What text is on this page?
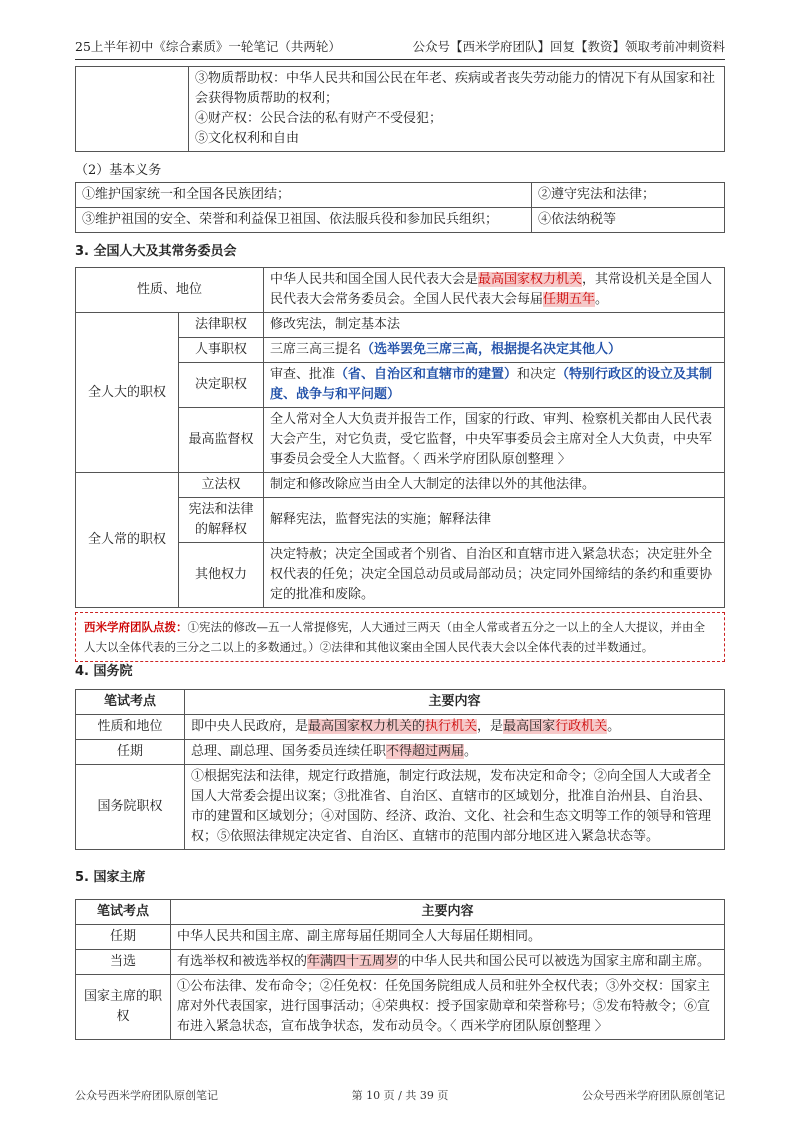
25上半年初中《综合素质》一轮笔记（共两轮）	公众号【西米学府团队】回复【教资】领取考前冲刺资料

③物质帮助权：中华人民共和国公民在年老、疾病或者丧失劳动能力的情况下有从国家和社会获得物质帮助的权利；
④财产权：公民合法的私有财产不受侵犯；
⑤文化权利和自由
（2）基本义务
①维护国家统一和全国各民族团结；	②遵守宪法和法律；
③维护祖国的安全、荣誉和利益保卫祖国、依法服兵役和参加民兵组织；	④依法纳税等

3. 全国人大及其常务委员会

性质、地位		中华人民共和国全国人民代表大会是最高国家权力机关，其常设机关是全国人民代表大会常务委员会。全国人民代表大会每届任期五年。
全人大的职权	法律职权	修改宪法，制定基本法
	人事职权	三席三高三提名（选举罢免三席三高，根据提名决定其他人）
	决定职权	审查、批准（省、自治区和直辖市的建置）和决定（特别行政区的设立及其制度、战争与和平问题）
	最高监督权	全人常对全人大负责并报告工作，国家的行政、审判、检察机关都由人民代表大会产生，对它负责，受它监督，中央军事委员会主席对全人大负责，中央军事委员会受全人大监督。〈 西米学府团队原创整理 〉
全人常的职权	立法权	制定和修改除应当由全人大制定的法律以外的其他法律。
	宪法和法律的解释权	解释宪法，监督宪法的实施；解释法律
	其他权力	决定特赦；决定全国或者个别省、自治区和直辖市进入紧急状态；决定驻外全权代表的任免；决定全国总动员或局部动员；决定同外国缔结的条约和重要协定的批准和废除。
西米学府团队点拨：①宪法的修改—五一人常提修宪，人大通过三两天（由全人常或者五分之一以上的全人大提议，并由全人大以全体代表的三分之二以上的多数通过。）②法律和其他议案由全国人民代表大会以全体代表的过半数通过。

4. 国务院

笔试考点	主要内容
性质和地位	即中央人民政府，是最高国家权力机关的执行机关，是最高国家行政机关。
任期	总理、副总理、国务委员连续任职不得超过两届。
国务院职权	①根据宪法和法律，规定行政措施，制定行政法规，发布决定和命令；②向全国人大或者全国人大常委会提出议案；③批准省、自治区、直辖市的区域划分，批准自治州县、自治县、市的建置和区域划分；④对国防、经济、政治、文化、社会和生态文明等工作的领导和管理权；⑤依照法律规定决定省、自治区、直辖市的范围内部分地区进入紧急状态等。

5. 国家主席

笔试考点	主要内容
任期	中华人民共和国主席、副主席每届任期同全人大每届任期相同。
当选	有选举权和被选举权的年满四十五周岁的中华人民共和国公民可以被选为国家主席和副主席。
国家主席的职权	①公布法律、发布命令；②任免权：任免国务院组成人员和驻外全权代表；③外交权：国家主席对外代表国家，进行国事活动；④荣典权：授予国家勋章和荣誉称号；⑤发布特赦令；⑥宣布进入紧急状态，宣布战争状态，发布动员令。〈 西米学府团队原创整理 〉
公众号西米学府团队原创笔记	第 10 页 / 共 39 页	公众号西米学府团队原创笔记
